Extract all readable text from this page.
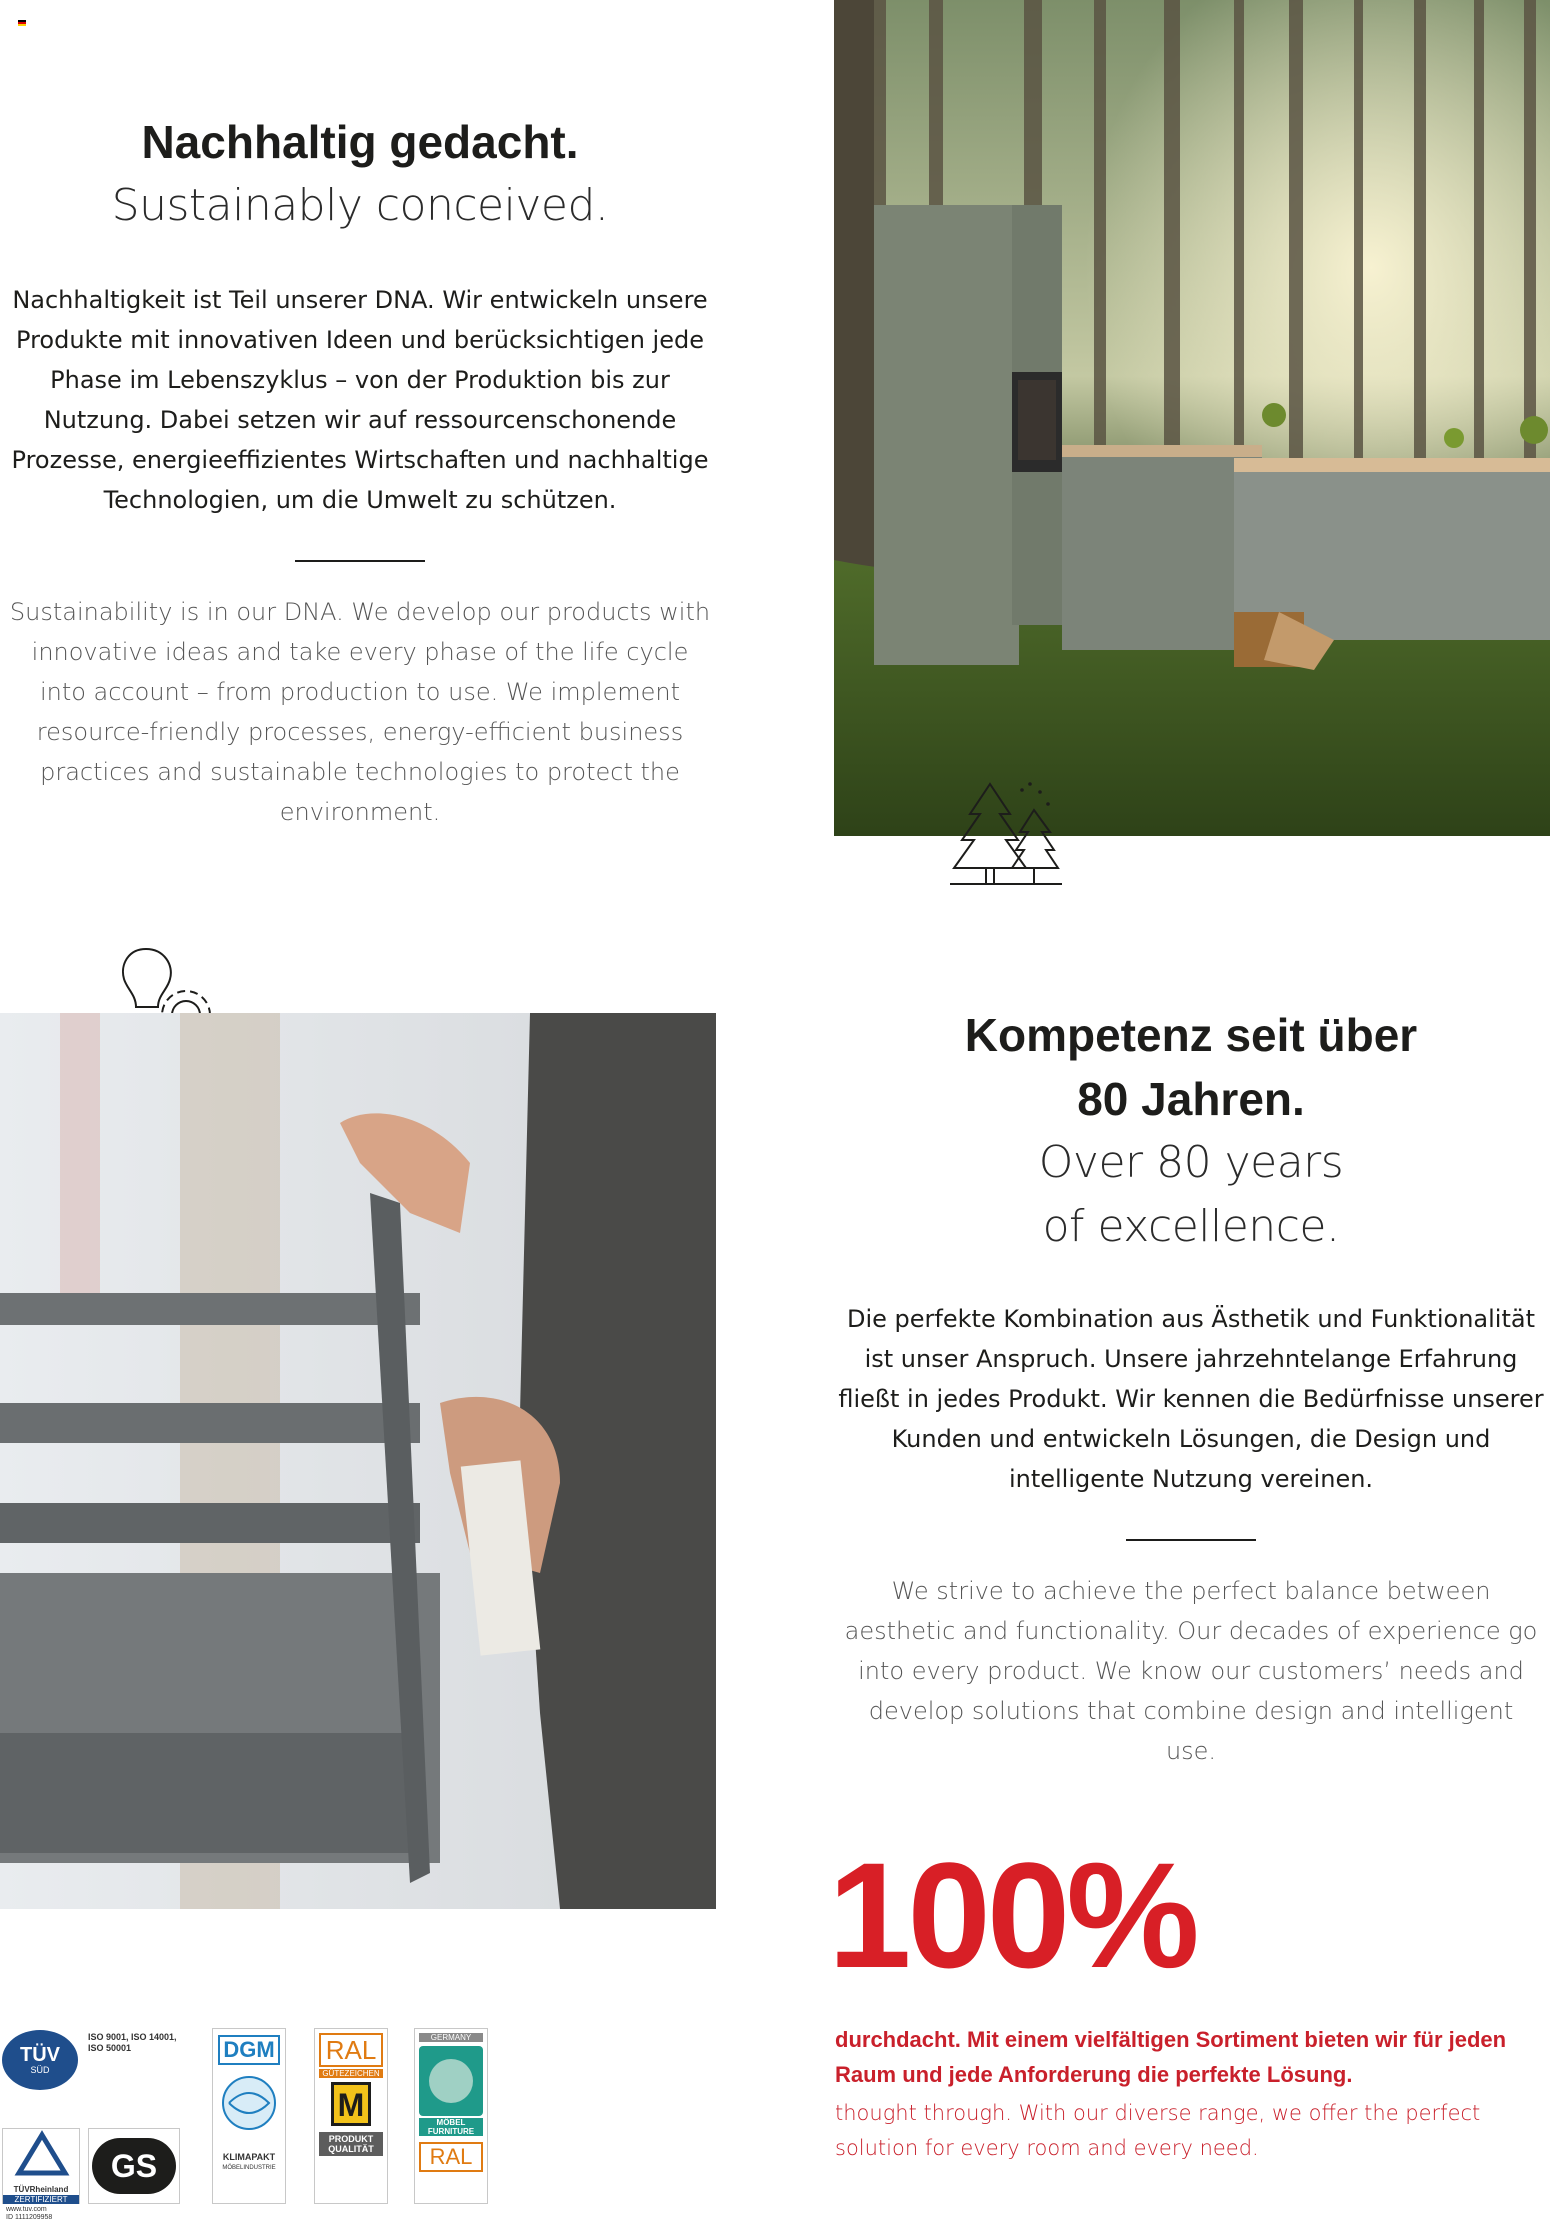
Nachhaltig gedacht.
Sustainably conceived.
Nachhaltigkeit ist Teil unserer DNA. Wir entwickeln unsere Produkte mit innovativen Ideen und berücksichtigen jede Phase im Lebenszyklus – von der Produktion bis zur Nutzung. Dabei setzen wir auf ressourcenschonende Prozesse, energieeffizientes Wirtschaften und nachhaltige Technologien, um die Umwelt zu schützen.
Sustainability is in our DNA. We develop our products with innovative ideas and take every phase of the life cycle into account – from production to use. We implement resource-friendly processes, energy-efficient business practices and sustainable technologies to protect the environment.
Kompetenz seit über
80 Jahren.
Over 80 years
of excellence.
Die perfekte Kombination aus Ästhetik und Funktionalität ist unser Anspruch. Unsere jahrzehntelange Erfahrung fließt in jedes Produkt. Wir kennen die Bedürfnisse unserer Kunden und entwickeln Lösungen, die Design und intelligente Nutzung vereinen.
We strive to achieve the perfect balance between aesthetic and functionality. Our decades of experience go into every product. We know our customers’ needs and develop solutions that combine design and intelligent use.
100%
durchdacht. Mit einem vielfältigen Sortiment bieten wir für jeden Raum und jede Anforderung die perfekte Lösung.
thought through. With our diverse range, we offer the perfect solution for every room and every need.
TÜV
SÜD
ISO 9001, ISO 14001,
ISO 50001
TÜVRheinland
ZERTIFIZIERT
www.tuv.com
ID 1111209958
GS
DGM
KLIMAPAKT
MÖBELINDUSTRIE
RAL
GÜTEZEICHEN
M
PRODUKT
QUALITÄT
GERMANY
MÖBEL
FURNITURE
RAL
